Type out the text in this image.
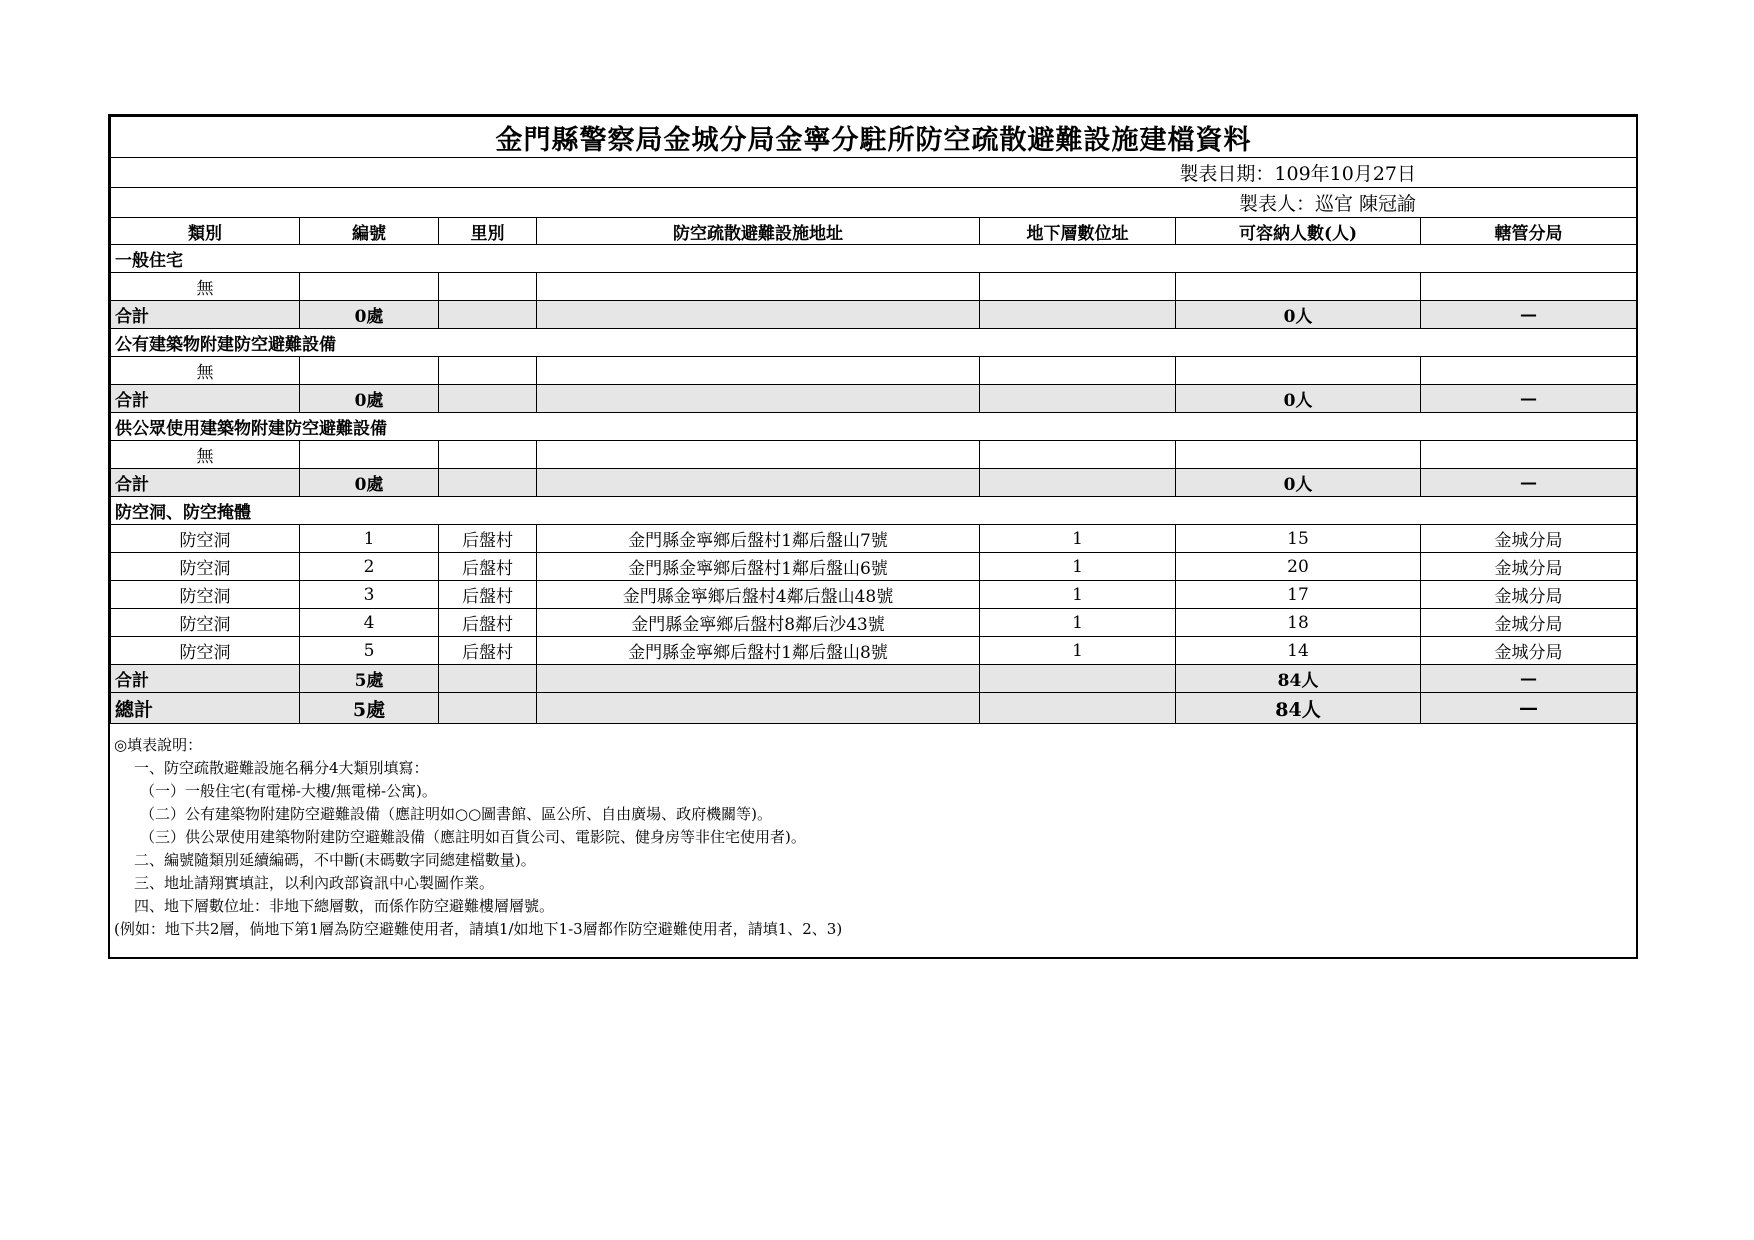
金門縣警察局金城分局金寧分駐所防空疏散避難設施建檔資料						
製表日期：109年10月27日						
製表人：巡官 陳冠諭						
類別	編號	里別	防空疏散避難設施地址	地下層數位址	可容納人數(人)	轄管分局
一般住宅						
無						
合計	0處				0人	—
公有建築物附建防空避難設備						
無						
合計	0處				0人	—
供公眾使用建築物附建防空避難設備						
無						
合計	0處				0人	—
防空洞、防空掩體						
防空洞	1	后盤村	金門縣金寧鄉后盤村1鄰后盤山7號	1	15	金城分局
防空洞	2	后盤村	金門縣金寧鄉后盤村1鄰后盤山6號	1	20	金城分局
防空洞	3	后盤村	金門縣金寧鄉后盤村4鄰后盤山48號	1	17	金城分局
防空洞	4	后盤村	金門縣金寧鄉后盤村8鄰后沙43號	1	18	金城分局
防空洞	5	后盤村	金門縣金寧鄉后盤村1鄰后盤山8號	1	14	金城分局
合計	5處				84人	—
總計	5處				84人	—
◎填表說明：
一、防空疏散避難設施名稱分4大類別填寫：
（一）一般住宅(有電梯-大樓/無電梯-公寓)。
（二）公有建築物附建防空避難設備（應註明如○○圖書館、區公所、自由廣場、政府機關等)。
（三）供公眾使用建築物附建防空避難設備（應註明如百貨公司、電影院、健身房等非住宅使用者)。
二、編號隨類別延續編碼，不中斷(末碼數字同總建檔數量)。
三、地址請翔實填註，以利內政部資訊中心製圖作業。
四、地下層數位址：非地下總層數，而係作防空避難樓層層號。
(例如：地下共2層，倘地下第1層為防空避難使用者，請填1/如地下1-3層都作防空避難使用者，請填1、2、3)
